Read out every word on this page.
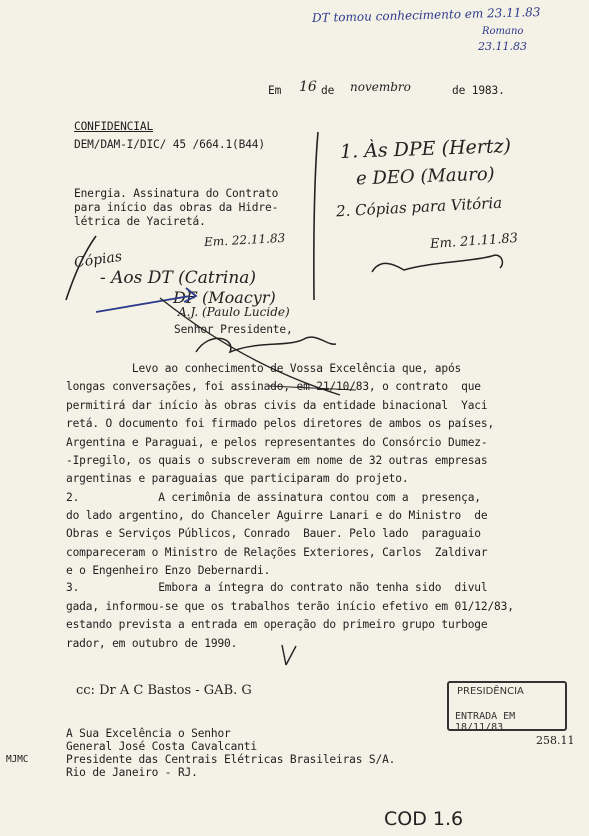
DT tomou conhecimento em 23.11.83
Romano
23.11.83
Em 16 de novembro	de 1983.
CONFIDENCIAL
DEM/DAM-I/DIC/ 45 /664.1(B44)
Energia. Assinatura do Contrato
para início das obras da Hidre-
létrica de Yaciretá.
1. Às DPE (Hertz)
e DEO (Mauro)
2. Cópias para Vitória
Em. 21.11.83
Em. 22.11.83
Cópias
- Aos DT (Catrina)
DF (Moacyr)
A.J. (Paulo Lucide)
Senhor Presidente,
Levo ao conhecimento de Vossa Excelência que, após
longas conversações, foi assinado, em 21/10/83, o contrato  que
permitirá dar início às obras civis da entidade binacional  Yaci
retá. O documento foi firmado pelos diretores de ambos os países,
Argentina e Paraguai, e pelos representantes do Consórcio Dumez-
-Ipregilo, os quais o subscreveram em nome de 32 outras empresas
argentinas e paraguaias que participaram do projeto.
2.            A cerimônia de assinatura contou com a  presença,
do lado argentino, do Chanceler Aguirre Lanari e do Ministro  de
Obras e Serviços Públicos, Conrado  Bauer. Pelo lado  paraguaio
compareceram o Ministro de Relações Exteriores, Carlos  Zaldivar
e o Engenheiro Enzo Debernardi.
3.            Embora a íntegra do contrato não tenha sido  divul
gada, informou-se que os trabalhos terão início efetivo em 01/12/83,
estando prevista a entrada em operação do primeiro grupo turboge
rador, em outubro de 1990.
cc: Dr A C Bastos - GAB. G	PRESIDÊNCIA
ENTRADA EM 18/11/83
258.11
A Sua Excelência o Senhor
General José Costa Cavalcanti
Presidente das Centrais Elétricas Brasileiras S/A.
Rio de Janeiro - RJ.
MJMC
COD 1.6
